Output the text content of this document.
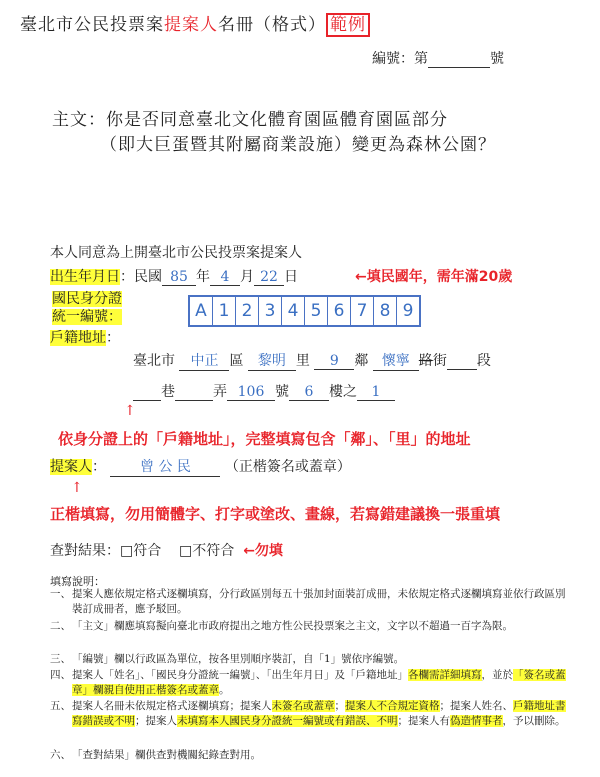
臺北市公民投票案提案人名冊（格式） 範例
編號：第	號
主文：你是否同意臺北文化體育園區體育園區部分
（即大巨蛋暨其附屬商業設施）變更為森林公園？
本人同意為上開臺北市公民投票案提案人
出生年月日：民國 85 年 4 月 22 日	←填民國年，需年滿20歲
國民身分證
統一編號：	A 1 2 3 4 5 6 7 8 9
戶籍地址：
臺北市 中正 區 黎明 里 9 鄰 懷寧 路街 段
巷	弄 106 號 6 樓之 1
↑
依身分證上的「戶籍地址」，完整填寫包含「鄰」、「里」的地址
提案人： 曾 公 民 （正楷簽名或蓋章）
↑
正楷填寫，勿用簡體字、打字或塗改、畫線，若寫錯建議換一張重填
查對結果：□符合 □不符合 ←勿填
填寫說明：
一、 提案人應依規定格式逐欄填寫，分行政區別每五十張加封面裝訂成冊，未依規定格式逐欄填寫並依行政區別裝訂成冊者，應予駁回。
二、 「主文」欄應填寫擬向臺北市政府提出之地方性公民投票案之主文，文字以不超過一百字為限。
三、 「編號」欄以行政區為單位，按各里別順序裝訂，自「1」號依序編號。
四、 提案人「姓名」、「國民身分證統一編號」、「出生年月日」及「戶籍地址」各欄需詳細填寫，並於「簽名或蓋章」欄親自使用正楷簽名或蓋章。
五、 提案人名冊未依規定格式逐欄填寫；提案人未簽名或蓋章；提案人不合規定資格；提案人姓名、戶籍地址書寫錯誤或不明；提案人未填寫本人國民身分證統一編號或有錯誤、不明；提案人有偽造情事者，予以刪除。
六、 「查對結果」欄供查對機關紀錄查對用。
